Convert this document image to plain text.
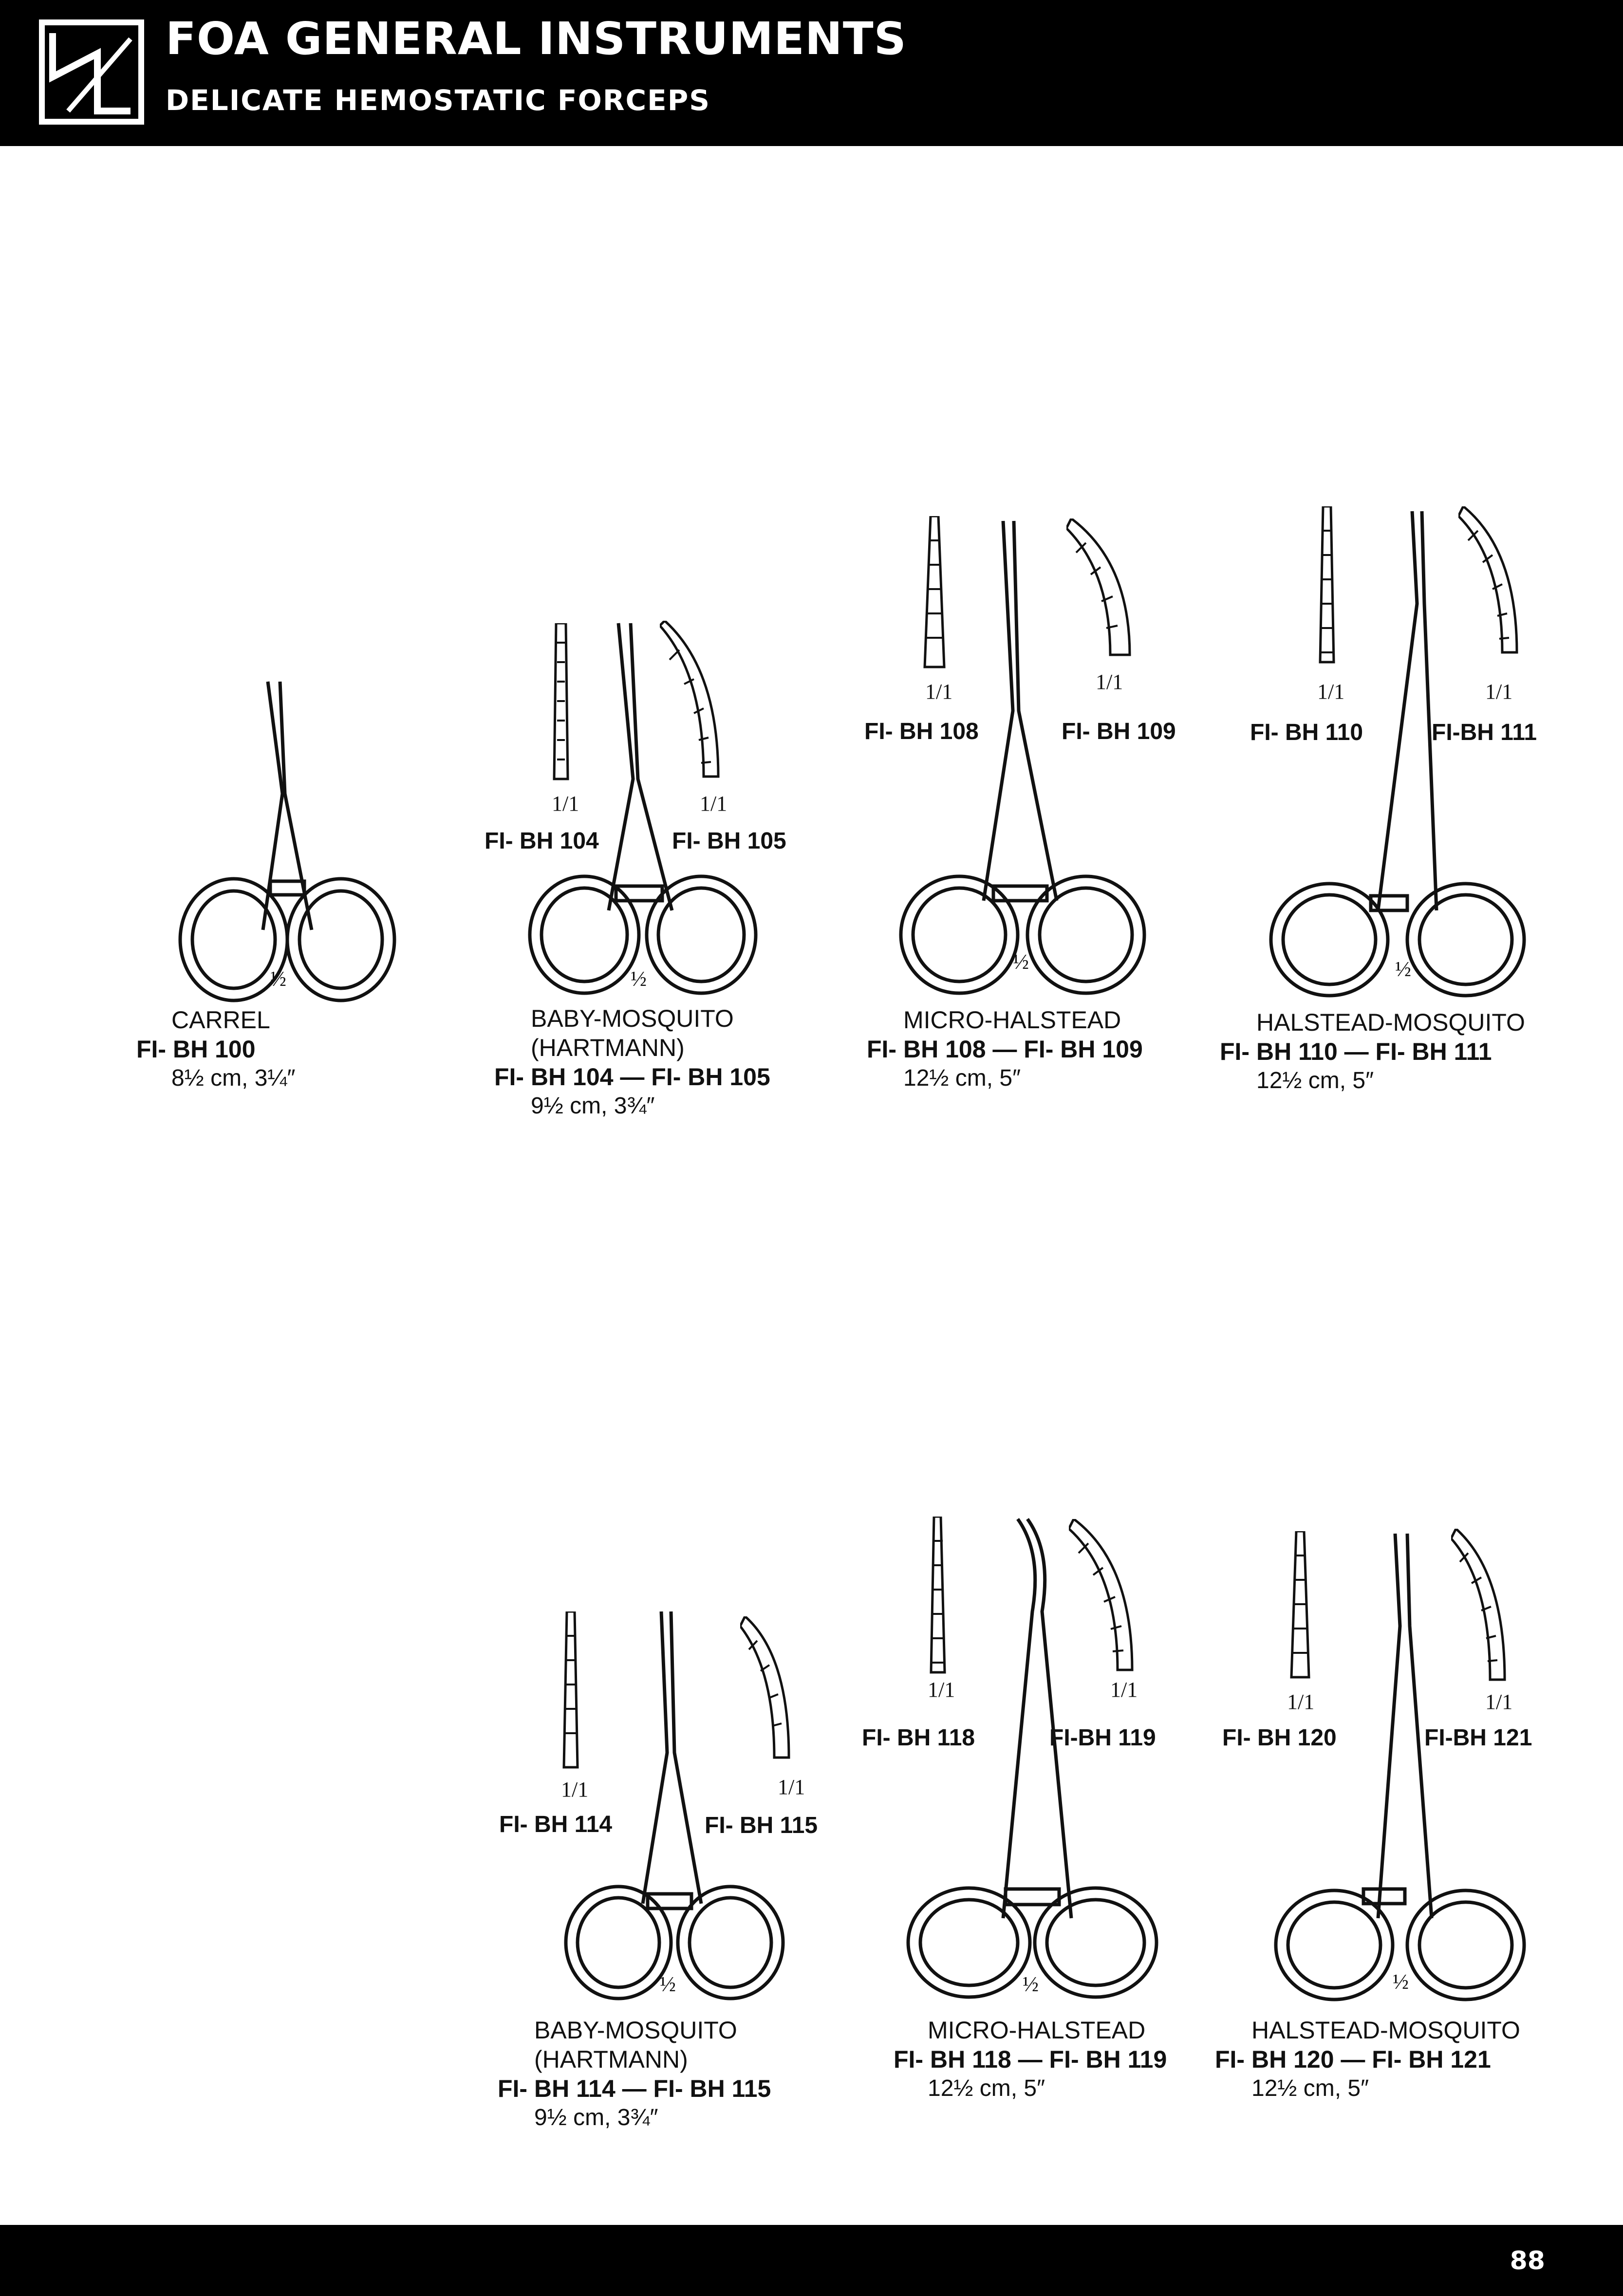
FOA GENERAL INSTRUMENTS
DELICATE HEMOSTATIC FORCEPS
½
CARREL
FI- BH 100
8½ cm, 3¼″
1/1	1/1
FI- BH 104	FI- BH 105
½
BABY-MOSQUITO
(HARTMANN)
FI- BH 104 — FI- BH 105
9½ cm, 3¾″
1/1	1/1
FI- BH 108	FI- BH 109
½
MICRO-HALSTEAD
FI- BH 108 — FI- BH 109
12½ cm, 5″
1/1	1/1
FI- BH 110	FI-BH 111
½
HALSTEAD-MOSQUITO
FI- BH 110 — FI- BH 111
12½ cm, 5″
1/1	1/1
FI- BH 114	FI- BH 115
½
BABY-MOSQUITO
(HARTMANN)
FI- BH 114 — FI- BH 115
9½ cm, 3¾″
1/1	1/1
FI- BH 118	FI-BH 119
½
MICRO-HALSTEAD
FI- BH 118 — FI- BH 119
12½ cm, 5″
1/1	1/1
FI- BH 120	FI-BH 121
½
HALSTEAD-MOSQUITO
FI- BH 120 — FI- BH 121
12½ cm, 5″
88
